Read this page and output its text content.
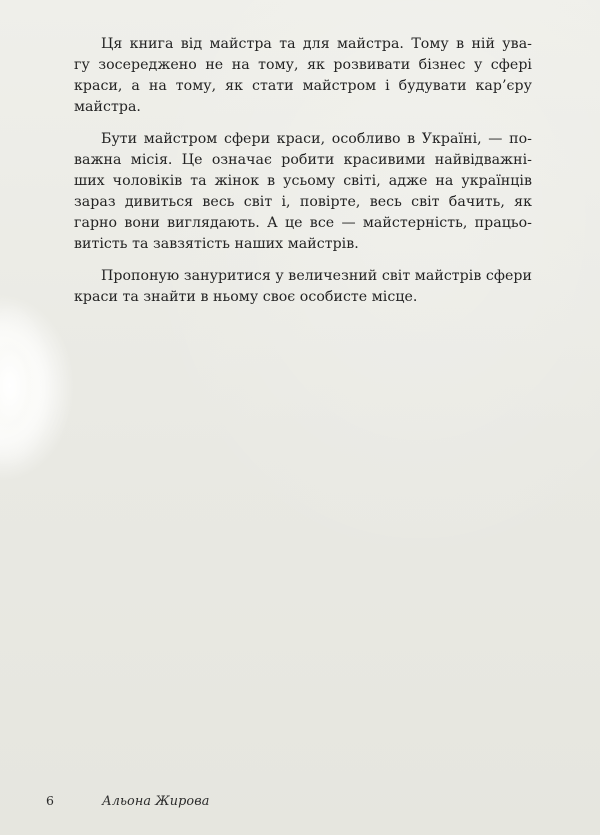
Ця книга від майстра та для майстра. Тому в ній ува-
гу зосереджено не на тому, як розвивати бізнес у сфері
краси, а на тому, як стати майстром і будувати кар’єру
майстра.

Бути майстром сфери краси, особливо в Україні, — по-
важна місія. Це означає робити красивими найвідважні-
ших чоловіків та жінок в усьому світі, адже на українців
зараз дивиться весь світ і, повірте, весь світ бачить, як
гарно вони виглядають. А це все — майстерність, працьо-
витість та завзятість наших майстрів.

Пропоную зануритися у величезний світ майстрів сфери
краси та знайти в ньому своє особисте місце.

6	Альона Жирова
